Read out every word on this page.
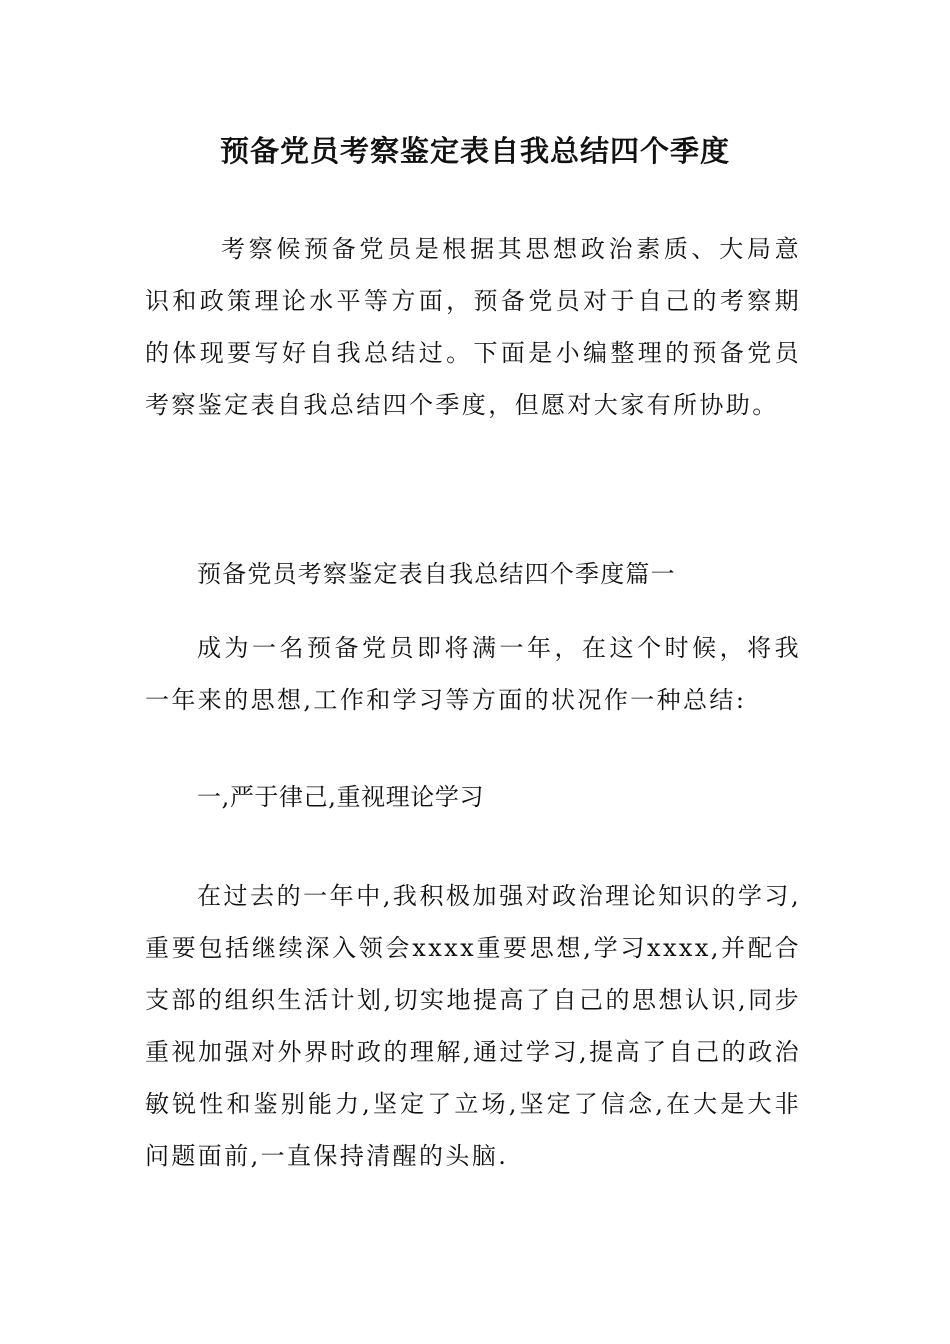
预备党员考察鉴定表自我总结四个季度

考察候预备党员是根据其思想政治素质、大局意识和政策理论水平等方面，预备党员对于自己的考察期的体现要写好自我总结过。下面是小编整理的预备党员考察鉴定表自我总结四个季度，但愿对大家有所协助。

预备党员考察鉴定表自我总结四个季度篇一

成为一名预备党员即将满一年，在这个时候，将我一年来的思想,工作和学习等方面的状况作一种总结:

一,严于律己,重视理论学习

在过去的一年中,我积极加强对政治理论知识的学习,重要包括继续深入领会xxxx重要思想,学习xxxx,并配合支部的组织生活计划,切实地提高了自己的思想认识,同步重视加强对外界时政的理解,通过学习,提高了自己的政治敏锐性和鉴别能力,坚定了立场,坚定了信念,在大是大非问题面前,一直保持清醒的头脑.
